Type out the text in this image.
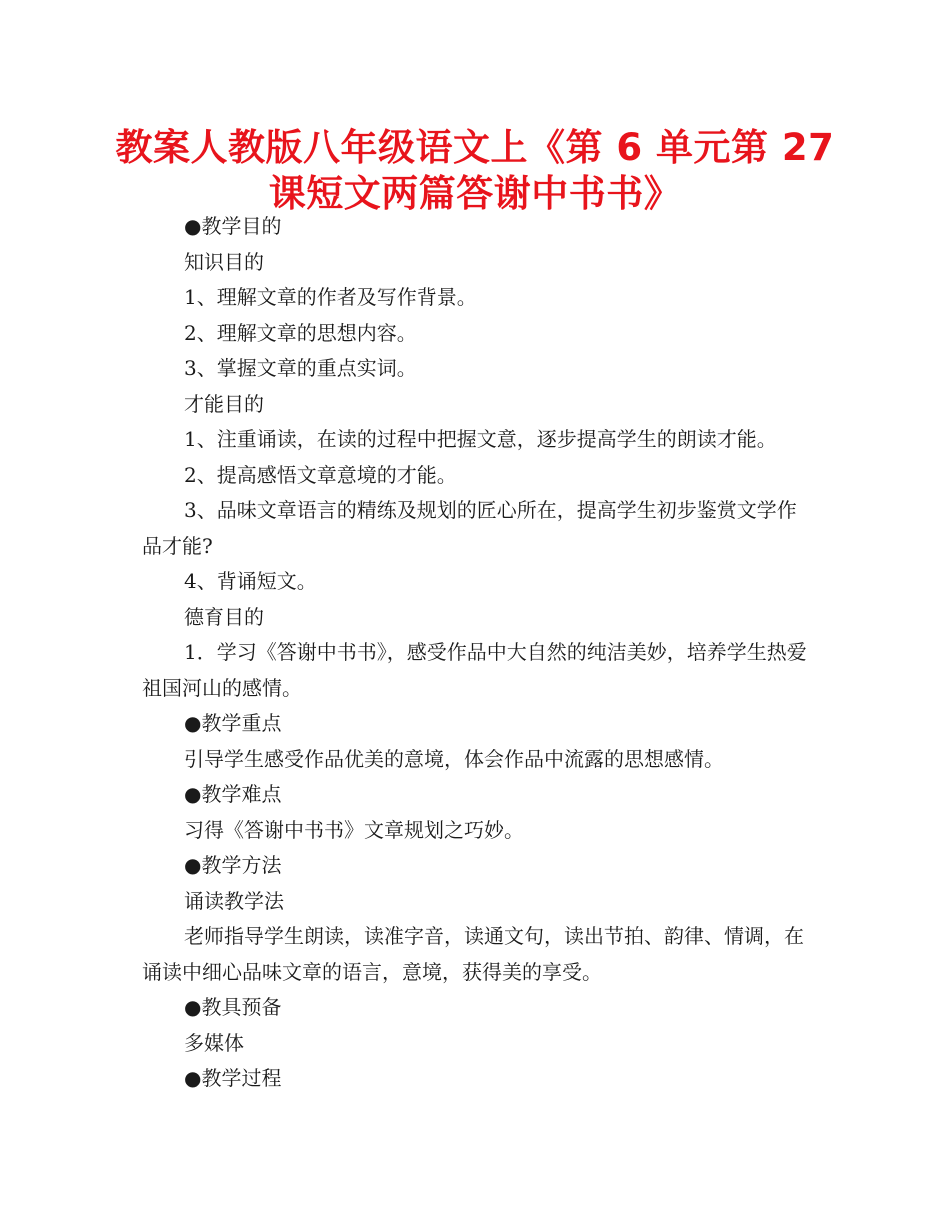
教案人教版八年级语文上《第 6 单元第 27
课短文两篇答谢中书书》

●教学目的

知识目的

1、理解文章的作者及写作背景。

2、理解文章的思想内容。

3、掌握文章的重点实词。

才能目的

1、注重诵读，在读的过程中把握文意，逐步提高学生的朗读才能。

2、提高感悟文章意境的才能。

3、品味文章语言的精练及规划的匠心所在，提高学生初步鉴赏文学作品才能?

4、背诵短文。

德育目的

1．学习《答谢中书书》，感受作品中大自然的纯洁美妙，培养学生热爱祖国河山的感情。

●教学重点

引导学生感受作品优美的意境，体会作品中流露的思想感情。

●教学难点

习得《答谢中书书》文章规划之巧妙。

●教学方法

诵读教学法

老师指导学生朗读，读准字音，读通文句，读出节拍、韵律、情调，在诵读中细心品味文章的语言，意境，获得美的享受。

●教具预备

多媒体

●教学过程
